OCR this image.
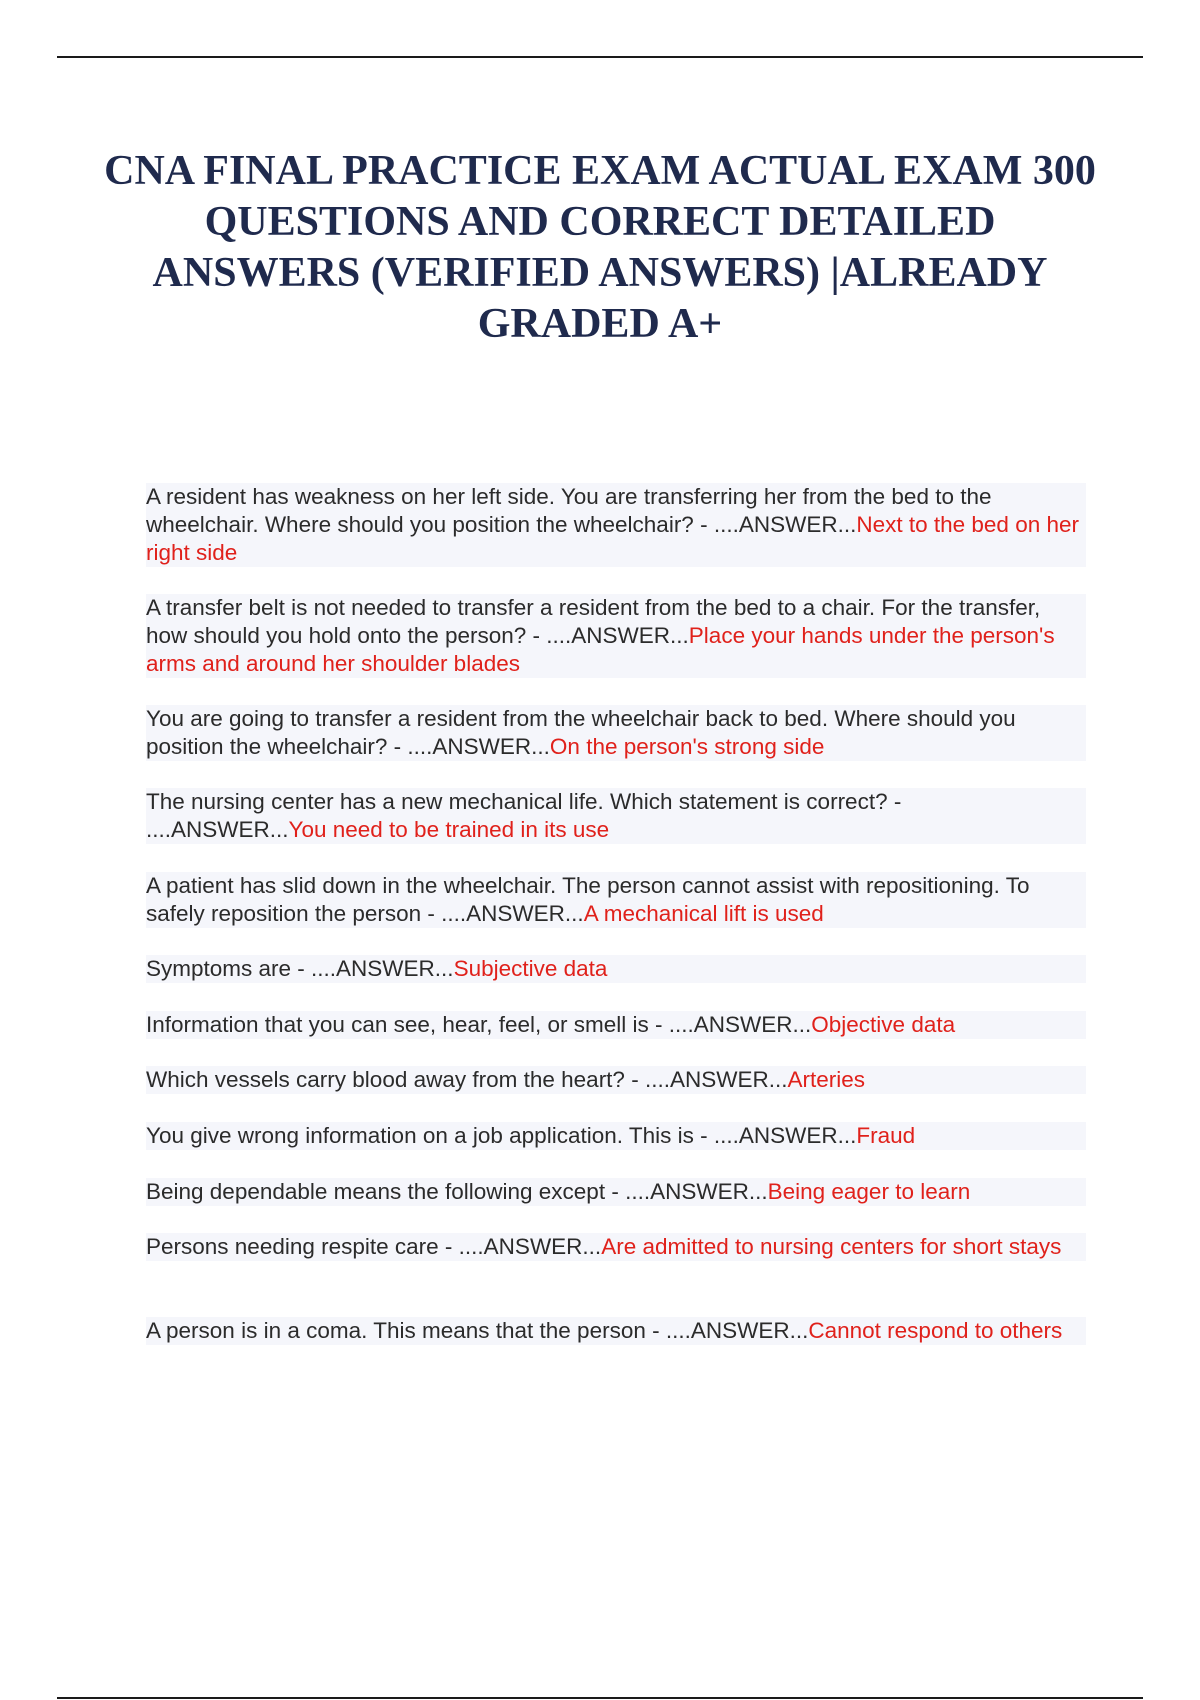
CNA FINAL PRACTICE EXAM ACTUAL EXAM 300 QUESTIONS AND CORRECT DETAILED ANSWERS (VERIFIED ANSWERS) |ALREADY GRADED A+

A resident has weakness on her left side. You are transferring her from the bed to the wheelchair. Where should you position the wheelchair? - ....ANSWER...Next to the bed on her right side

A transfer belt is not needed to transfer a resident from the bed to a chair. For the transfer, how should you hold onto the person? - ....ANSWER...Place your hands under the person's arms and around her shoulder blades

You are going to transfer a resident from the wheelchair back to bed. Where should you position the wheelchair? - ....ANSWER...On the person's strong side

The nursing center has a new mechanical life. Which statement is correct? - ....ANSWER...You need to be trained in its use

A patient has slid down in the wheelchair. The person cannot assist with repositioning. To safely reposition the person - ....ANSWER...A mechanical lift is used

Symptoms are - ....ANSWER...Subjective data

Information that you can see, hear, feel, or smell is - ....ANSWER...Objective data

Which vessels carry blood away from the heart? - ....ANSWER...Arteries

You give wrong information on a job application. This is - ....ANSWER...Fraud

Being dependable means the following except - ....ANSWER...Being eager to learn

Persons needing respite care - ....ANSWER...Are admitted to nursing centers for short stays

A person is in a coma. This means that the person - ....ANSWER...Cannot respond to others
